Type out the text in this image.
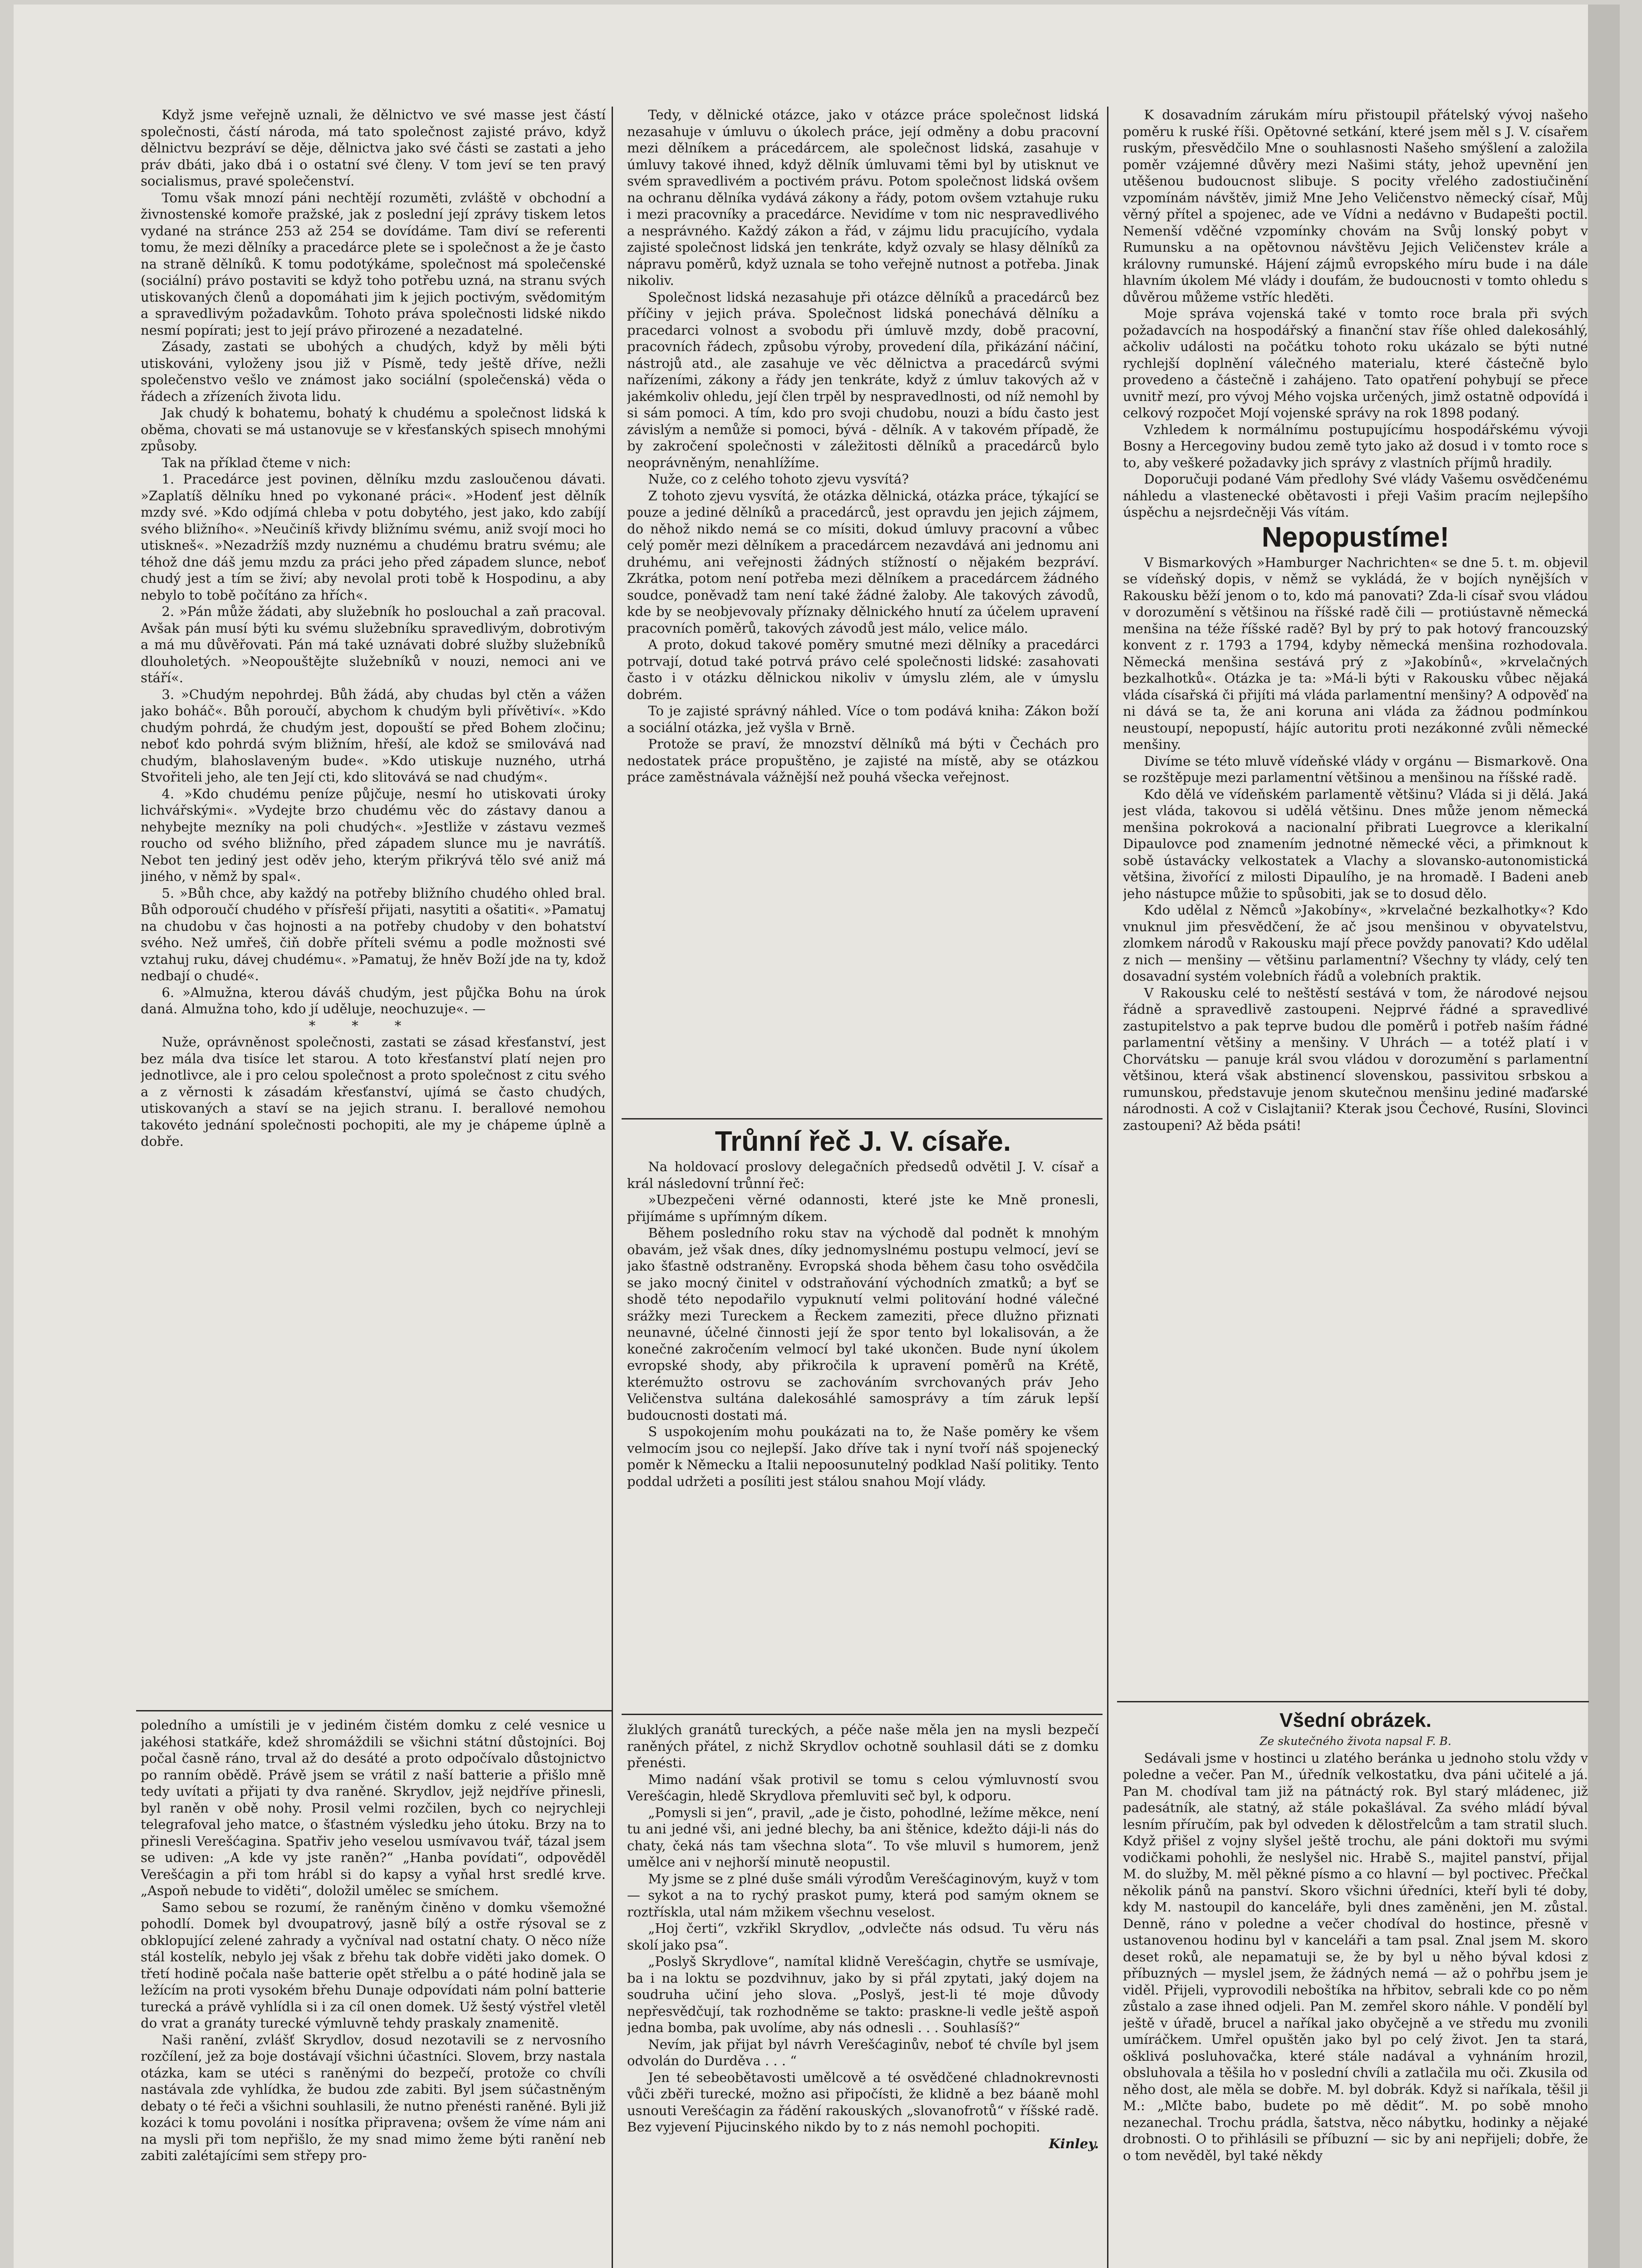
Když jsme veřejně uznali, že dělnictvo ve své masse jest částí společnosti, částí národa, má tato společnost zajisté právo, když dělnictvu bezpráví se děje, dělnictva jako své části se zastati a jeho práv dbáti, jako dbá i o ostatní své členy. V tom jeví se ten pravý socialismus, pravé společenství.

Tomu však mnozí páni nechtějí rozuměti, zvláště v obchodní a živnostenské komoře pražské, jak z poslední její zprávy tiskem letos vydané na stránce 253 až 254 se dovídáme. Tam diví se referenti tomu, že mezi dělníky a pracedárce plete se i společnost a že je často na straně dělníků. K tomu podotýkáme, společnost má společenské (sociální) právo postaviti se když toho potřebu uzná, na stranu svých utiskovaných členů a dopomáhati jim k jejich poctivým, svědomitým a spravedlivým požadavkům. Tohoto práva společnosti lidské nikdo nesmí popírati; jest to její právo přirozené a nezadatelné.

Zásady, zastati se ubohých a chudých, když by měli býti utiskováni, vyloženy jsou již v Písmě, tedy ještě dříve, nežli společenstvo vešlo ve známost jako sociální (společenská) věda o řádech a zřízeních života lidu.

Jak chudý k bohatemu, bohatý k chudému a společnost lidská k oběma, chovati se má ustanovuje se v křesťanských spisech mnohými způsoby.

Tak na příklad čteme v nich:

1. Pracedárce jest povinen, dělníku mzdu zasloučenou dávati. »Zaplatíš dělníku hned po vykonané práci«. »Hodenť jest dělník mzdy své. »Kdo odjímá chleba v potu dobytého, jest jako, kdo zabíjí svého bližního«. »Neučiníš křivdy bližnímu svému, aniž svojí moci ho utiskneš«. »Nezadržíš mzdy nuznému a chudému bratru svému; ale téhož dne dáš jemu mzdu za práci jeho před západem slunce, neboť chudý jest a tím se živí; aby nevolal proti tobě k Hospodinu, a aby nebylo to tobě počítáno za hřích«.

2. »Pán může žádati, aby služebník ho poslouchal a zaň pracoval. Avšak pán musí býti ku svému služebníku spravedlivým, dobrotivým a má mu důvěřovati. Pán má také uznávati dobré služby služebníků dlouholetých. »Neopouštějte služebníků v nouzi, nemoci ani ve stáří«.

3. »Chudým nepohrdej. Bůh žádá, aby chudas byl ctěn a vážen jako boháč«. Bůh poroučí, abychom k chudým byli přívětiví«. »Kdo chudým pohrdá, že chudým jest, dopouští se před Bohem zločinu; neboť kdo pohrdá svým bližním, hřeší, ale kdož se smilovává nad chudým, blahoslaveným bude«. »Kdo utiskuje nuzného, utrhá Stvořiteli jeho, ale ten Její cti, kdo slitovává se nad chudým«.

4. »Kdo chudému peníze půjčuje, nesmí ho utiskovati úroky lichvářskými«. »Vydejte brzo chudému věc do zástavy danou a nehybejte mezníky na poli chudých«. »Jestliže v zástavu vezmeš roucho od svého bližního, před západem slunce mu je navrátíš. Nebot ten jediný jest oděv jeho, kterým přikrývá tělo své aniž má jiného, v němž by spal«.

5. »Bůh chce, aby každý na potřeby bližního chudého ohled bral. Bůh odporoučí chudého v přísřeší přijati, nasytiti a ošatiti«. »Pamatuj na chudobu v čas hojnosti a na potřeby chudoby v den bohatství svého. Než umřeš, čiň dobře příteli svému a podle možnosti své vztahuj ruku, dávej chudému«. »Pamatuj, že hněv Boží jde na ty, kdož nedbají o chudé«.

6. »Almužna, kterou dáváš chudým, jest půjčka Bohu na úrok daná. Almužna toho, kdo jí uděluje, neochuzuje«. —

***

Nuže, oprávněnost společnosti, zastati se zásad křesťanství, jest bez mála dva tisíce let starou. A toto křesťanství platí nejen pro jednotlivce, ale i pro celou společnost a proto společnost z citu svého a z věrnosti k zásadám křesťanství, ujímá se často chudých, utiskovaných a staví se na jejich stranu. I. berallové nemohou takovéto jednání společnosti pochopiti, ale my je chápeme úplně a dobře.

Tedy, v dělnické otázce, jako v otázce práce společnost lidská nezasahuje v úmluvu o úkolech práce, její odměny a dobu pracovní mezi dělníkem a prácedárcem, ale společnost lidská, zasahuje v úmluvy takové ihned, když dělník úmluvami těmi byl by utisknut ve svém spravedlivém a poctivém právu. Potom společnost lidská ovšem na ochranu dělníka vydává zákony a řády, potom ovšem vztahuje ruku i mezi pracovníky a pracedárce. Nevidíme v tom nic nespravedlivého a nesprávného. Každý zákon a řád, v zájmu lidu pracujícího, vydala zajisté společnost lidská jen tenkráte, když ozvaly se hlasy dělníků za nápravu poměrů, když uznala se toho veřejně nutnost a potřeba. Jinak nikoliv.

Společnost lidská nezasahuje při otázce dělníků a pracedárců bez příčiny v jejich práva. Společnost lidská ponechává dělníku a pracedarci volnost a svobodu při úmluvě mzdy, době pracovní, pracovních řádech, způsobu výroby, provedení díla, přikázání náčiní, nástrojů atd., ale zasahuje ve věc dělnictva a pracedárců svými nařízeními, zákony a řády jen tenkráte, když z úmluv takových až v jakémkoliv ohledu, její člen trpěl by nespravedlnosti, od níž nemohl by si sám pomoci. A tím, kdo pro svoji chudobu, nouzi a bídu často jest závislým a nemůže si pomoci, bývá - dělník. A v takovém případě, že by zakročení společnosti v záležitosti dělníků a pracedárců bylo neoprávněným, nenahlížíme.

Nuže, co z celého tohoto zjevu vysvítá?

Z tohoto zjevu vysvítá, že otázka dělnická, otázka práce, týkající se pouze a jediné dělníků a pracedárců, jest opravdu jen jejich zájmem, do něhož nikdo nemá se co mísiti, dokud úmluvy pracovní a vůbec celý poměr mezi dělníkem a pracedárcem nezavdává ani jednomu ani druhému, ani veřejnosti žádných stížností o nějakém bezpráví. Zkrátka, potom není potřeba mezi dělníkem a pracedárcem žádného soudce, poněvadž tam není také žádné žaloby. Ale takových závodů, kde by se neobjevovaly příznaky dělnického hnutí za účelem upravení pracovních poměrů, takových závodů jest málo, velice málo.

A proto, dokud takové poměry smutné mezi dělníky a pracedárci potrvají, dotud také potrvá právo celé společnosti lidské: zasahovati často i v otázku dělnickou nikoliv v úmyslu zlém, ale v úmyslu dobrém.

To je zajisté správný náhled. Více o tom podává kniha: Zákon boží a sociální otázka, jež vyšla v Brně.

Protože se praví, že mnozství dělníků má býti v Čechách pro nedostatek práce propuštěno, je zajisté na místě, aby se otázkou práce zaměstnávala vážnější než pouhá všecka veřejnost.

Trůnní řeč J. V. císaře.

Na holdovací proslovy delegačních předsedů odvětil J. V. císař a král následovní trůnní řeč:

»Ubezpečeni věrné odannosti, které jste ke Mně pronesli, přijímáme s upřímným díkem.

Během posledního roku stav na východě dal podnět k mnohým obavám, jež však dnes, díky jednomyslnému postupu velmocí, jeví se jako šťastně odstraněny. Evropská shoda během času toho osvědčila se jako mocný činitel v odstraňování východních zmatků; a byť se shodě této nepodařilo vypuknutí velmi politování hodné válečné srážky mezi Tureckem a Řeckem zameziti, přece dlužno přiznati neunavné, účelné činnosti její že spor tento byl lokalisován, a že konečné zakročením velmocí byl také ukončen. Bude nyní úkolem evropské shody, aby přikročila k upravení poměrů na Krétě, kterémužto ostrovu se zachováním svrchovaných práv Jeho Veličenstva sultána dalekosáhlé samosprávy a tím záruk lepší budoucnosti dostati má.

S uspokojením mohu poukázati na to, že Naše poměry ke všem velmocím jsou co nejlepší. Jako dříve tak i nyní tvoří náš spojenecký poměr k Německu a Italii nepoosunutelný podklad Naší politiky. Tento poddal udržeti a posíliti jest stálou snahou Mojí vlády.

K dosavadním zárukám míru přistoupil přátelský vývoj našeho poměru k ruské říši. Opětovné setkání, které jsem měl s J. V. císařem ruským, přesvědčilo Mne o souhlasnosti Našeho smýšlení a založila poměr vzájemné důvěry mezi Našimi státy, jehož upevnění jen utěšenou budoucnost slibuje. S pocity vřelého zadostiučinění vzpomínám návštěv, jimiž Mne Jeho Veličenstvo německý císař, Můj věrný přítel a spojenec, ade ve Vídni a nedávno v Budapešti poctil. Nemenší vděčné vzpomínky chovám na Svůj lonský pobyt v Rumunsku a na opětovnou návštěvu Jejich Veličenstev krále a královny rumunské. Hájení zájmů evropského míru bude i na dále hlavním úkolem Mé vlády i doufám, že budoucnosti v tomto ohledu s důvěrou můžeme vstříc hleděti.

Moje správa vojenská také v tomto roce brala při svých požadavcích na hospodářský a finanční stav říše ohled dalekosáhlý, ačkoliv události na počátku tohoto roku ukázalo se býti nutné rychlejší doplnění válečného materialu, které částečně bylo provedeno a částečně i zahájeno. Tato opatření pohybují se přece uvnitř mezí, pro vývoj Mého vojska určených, jimž ostatně odpovídá i celkový rozpočet Mojí vojenské správy na rok 1898 podaný.

Vzhledem k normálnímu postupujícímu hospodářskému vývoji Bosny a Hercegoviny budou země tyto jako až dosud i v tomto roce s to, aby veškeré požadavky jich správy z vlastních příjmů hradily.

Doporučuji podané Vám předlohy Své vlády Vašemu osvědčenému náhledu a vlastenecké obětavosti i přeji Vašim pracím nejlepšího úspěchu a nejsrdečněji Vás vítám.

Nepopustíme!

V Bismarkových »Hamburger Nachrichten« se dne 5. t. m. objevil se vídeňský dopis, v němž se vykládá, že v bojích nynějších v Rakousku běží jenom o to, kdo má panovati? Zda-li císař svou vládou v dorozumění s většinou na říšské radě čili — protiústavně německá menšina na téže říšské radě? Byl by prý to pak hotový francouzský konvent z r. 1793 a 1794, kdyby německá menšina rozhodovala. Německá menšina sestává prý z »Jakobínů«, »krvelačných bezkalhotků«. Otázka je ta: »Má-li býti v Rakousku vůbec nějaká vláda císařská či přijíti má vláda parlamentní menšiny? A odpověď na ni dává se ta, že ani koruna ani vláda za žádnou podmínkou neustoupí, nepopustí, hájíc autoritu proti nezákonné zvůli německé menšiny.

Divíme se této mluvě vídeňské vlády v orgánu — Bismarkově. Ona se rozštěpuje mezi parlamentní většinou a menšinou na říšské radě.

Kdo dělá ve vídeňském parlamentě většinu? Vláda si ji dělá. Jaká jest vláda, takovou si udělá většinu. Dnes může jenom německá menšina pokroková a nacionalní přibrati Luegrovce a klerikalní Dipaulovce pod znamením jednotné německé věci, a přimknout k sobě ústavácky velkostatek a Vlachy a slovansko-autonomistická většina, živořící z milosti Dipaulího, je na hromadě. I Badeni aneb jeho nástupce můžie to spůsobiti, jak se to dosud dělo.

Kdo udělal z Němců »Jakobíny«, »krvelačné bezkalhotky«? Kdo vnuknul jim přesvědčení, že ač jsou menšinou v obyvatelstvu, zlomkem národů v Rakousku mají přece povždy panovati? Kdo udělal z nich — menšiny — většinu parlamentní? Všechny ty vlády, celý ten dosavadní systém volebních řádů a volebních praktik.

V Rakousku celé to neštěstí sestává v tom, že národové nejsou řádně a spravedlivě zastoupeni. Nejprvé řádné a spravedlivé zastupitelstvo a pak teprve budou dle poměrů i potřeb naším řádné parlamentní většiny a menšiny. V Uhrách — a totéž platí i v Chorvátsku — panuje král svou vládou v dorozumění s parlamentní většinou, která však abstinencí slovenskou, passivitou srbskou a rumunskou, představuje jenom skutečnou menšinu jediné maďarské národnosti. A což v Cislajtanii? Kterak jsou Čechové, Rusíni, Slovinci zastoupeni? Až běda psáti!

poledního a umístili je v jediném čistém domku z celé vesnice u jakéhosi statkáře, kdež shromáždili se všichni státní důstojníci. Boj počal časně ráno, trval až do desáté a proto odpočívalo důstojnictvo po ranním obědě. Právě jsem se vrátil z naší batterie a přišlo mně tedy uvítati a přijati ty dva raněné. Skrydlov, jejž nejdříve přinesli, byl raněn v obě nohy. Prosil velmi rozčilen, bych co nejrychleji telegrafoval jeho matce, o šťastném výsledku jeho útoku. Brzy na to přinesli Verešćagina. Spatřiv jeho veselou usmívavou tvář, tázal jsem se udiven: „A kde vy jste raněn?“ „Hanba povídati“, odpověděl Verešćagin a při tom hrábl si do kapsy a vyňal hrst sredlé krve. „Aspoň nebude to viděti“, doložil umělec se smíchem.

Samo sebou se rozumí, že raněným činěno v domku všemožné pohodlí. Domek byl dvoupatrový, jasně bílý a ostře rýsoval se z obklopující zelené zahrady a vyčníval nad ostatní chaty. O něco níže stál kostelík, nebylo jej však z břehu tak dobře viděti jako domek. O třetí hodině počala naše batterie opět střelbu a o páté hodině jala se ležícím na proti vysokém břehu Dunaje odpovídati nám polní batterie turecká a právě vyhlídla si i za cíl onen domek. Už šestý výstřel vletěl do vrat a granáty turecké výmluvně tehdy praskaly znamenitě.

Naši ranění, zvlášť Skrydlov, dosud nezotavili se z nervosního rozčílení, jež za boje dostávají všichni účastníci. Slovem, brzy nastala otázka, kam se utéci s raněnými do bezpečí, protože co chvíli nastávala zde vyhlídka, že budou zde zabiti. Byl jsem súčastněným debaty o té řeči a všichni souhlasili, že nutno přenésti raněné. Byli již kozáci k tomu povoláni i nosítka připravena; ovšem že víme nám ani na mysli při tom nepřišlo, že my snad mimo žeme býti ranění neb zabiti zalétajícími sem střepy pro-

žluklých granátů tureckých, a péče naše měla jen na mysli bezpečí raněných přátel, z nichž Skrydlov ochotně souhlasil dáti se z domku přenésti.

Mimo nadání však protivil se tomu s celou výmluvností svou Verešćagin, hledě Skrydlova přemluviti seč byl, k odporu.

„Pomysli si jen“, pravil, „ade je čisto, pohodlné, ležíme měkce, není tu ani jedné vši, ani jedné blechy, ba ani štěnice, kdežto dáji-li nás do chaty, čeká nás tam všechna slota“. To vše mluvil s humorem, jenž umělce ani v nejhorší minutě neopustil.

My jsme se z plné duše smáli výrodům Verešćaginovým, kuyž v tom — sykot a na to rychý praskot pumy, která pod samým oknem se roztřískla, utal nám mžikem všechnu veselost.

„Hoj čerti“, vzkřikl Skrydlov, „odvlečte nás odsud. Tu věru nás skolí jako psa“.

„Poslyš Skrydlove“, namítal klidně Verešćagin, chytře se usmívaje, ba i na loktu se pozdvihnuv, jako by si přál zpytati, jaký dojem na soudruha učiní jeho slova. „Poslyš, jest-li té moje důvody nepřesvědčují, tak rozhodněme se takto: praskne-li vedle ještě aspoň jedna bomba, pak uvolíme, aby nás odnesli . . . Souhlasíš?“

Nevím, jak přijat byl návrh Verešćaginův, neboť té chvíle byl jsem odvolán do Durděva . . . “

Jen té sebeobětavosti umělcově a té osvědčené chladnokrevnosti vůči zběři turecké, možno asi připočísti, že klidně a bez báaně mohl usnouti Verešćagin za řádění rakouských „slovanofrotů“ v říšské radě. Bez vyjevení Pijucinského nikdo by to z nás nemohl pochopiti.

Kinley.

Všední obrázek.

Ze skutečného života napsal F. B.

Sedávali jsme v hostinci u zlatého beránka u jednoho stolu vždy v poledne a večer. Pan M., úředník velkostatku, dva páni učitelé a já. Pan M. chodíval tam již na pátnáctý rok. Byl starý mládenec, již padesátník, ale statný, až stále pokašlával. Za svého mládí býval lesním příručím, pak byl odveden k dělostřelcům a tam stratil sluch. Když přišel z vojny slyšel ještě trochu, ale páni doktoři mu svými vodičkami pohohli, že neslyšel nic. Hrabě S., majitel panství, přijal M. do služby, M. měl pěkné písmo a co hlavní — byl poctivec. Přečkal několik pánů na panství. Skoro všichni úředníci, kteří byli té doby, kdy M. nastoupil do kanceláře, byli dnes zaměněni, jen M. zůstal. Denně, ráno v poledne a večer chodíval do hostince, přesně v ustanovenou hodinu byl v kanceláři a tam psal. Znal jsem M. skoro deset roků, ale nepamatuji se, že by byl u něho býval kdosi z příbuzných — myslel jsem, že žádných nemá — až o pohřbu jsem je viděl. Přijeli, vyprovodili neboštíka na hřbitov, sebrali kde co po něm zůstalo a zase ihned odjeli. Pan M. zemřel skoro náhle. V pondělí byl ještě v úřadě, brucel a naříkal jako obyčejně a ve středu mu zvonili umíráčkem. Umřel opuštěn jako byl po celý život. Jen ta stará, ošklivá posluhovačka, které stále nadával a vyhnáním hrozil, obsluhovala a těšila ho v poslední chvíli a zatlačila mu oči. Zkusila od něho dost, ale měla se dobře. M. byl dobrák. Když si naříkala, těšil ji M.: „Mlčte babo, budete po mě dědit“. M. po sobě mnoho nezanechal. Trochu prádla, šatstva, něco nábytku, hodinky a nějaké drobnosti. O to přihlásili se příbuzní — sic by ani nepřijeli; dobře, že o tom nevěděl, byl také někdy
